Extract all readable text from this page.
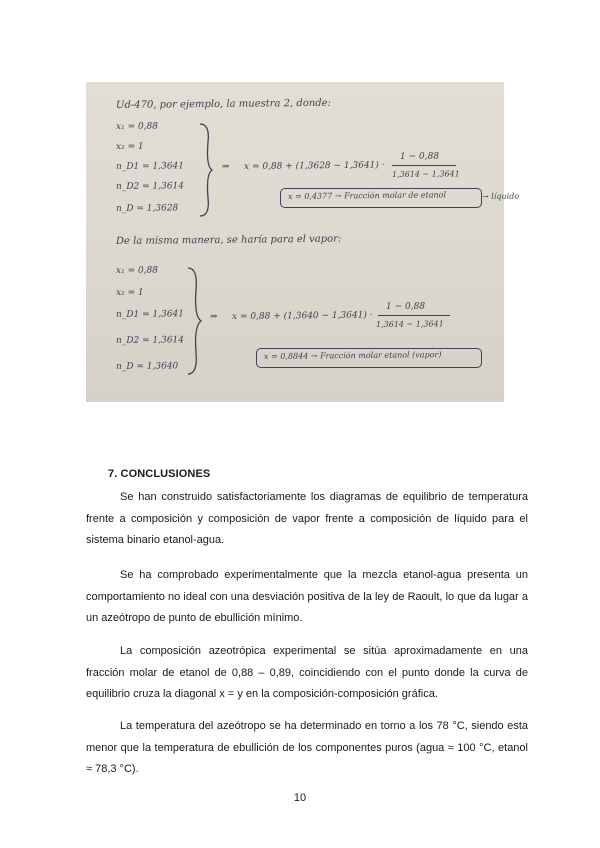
Ud-470, por ejemplo, la muestra 2, donde:
x₁ = 0,88
x₂ = 1
n_D1 = 1,3641
n_D2 = 1,3614
n_D = 1,3628
⇒ x = 0,88 + (1,3628 − 1,3641) ·
1 − 0,88
1,3614 − 1,3641
x = 0,4377 → Fracción molar de etanol	→ líquido
De la misma manera, se haría para el vapor:
x₁ = 0,88
x₂ = 1
n_D1 = 1,3641
n_D2 = 1,3614
n_D = 1,3640
⇒ x = 0,88 + (1,3640 − 1,3641) ·
1 − 0,88
1,3614 − 1,3641
x = 0,8844 → Fracción molar etanol (vapor)
7. CONCLUSIONES

Se han construido satisfactoriamente los diagramas de equilibrio de temperatura frente a composición y composición de vapor frente a composición de líquido para el sistema binario etanol-agua.

Se ha comprobado experimentalmente que la mezcla etanol-agua presenta un comportamiento no ideal con una desviación positiva de la ley de Raoult, lo que da lugar a un azeótropo de punto de ebullición mínimo.

La composición azeotrópica experimental se sitúa aproximadamente en una fracción molar de etanol de 0,88 – 0,89, coincidiendo con el punto donde la curva de equilibrio cruza la diagonal x = y en la composición-composición gráfica.

La temperatura del azeótropo se ha determinado en torno a los 78 °C, siendo esta menor que la temperatura de ebullición de los componentes puros (agua ≈ 100 °C, etanol ≈ 78,3 °C).

10
